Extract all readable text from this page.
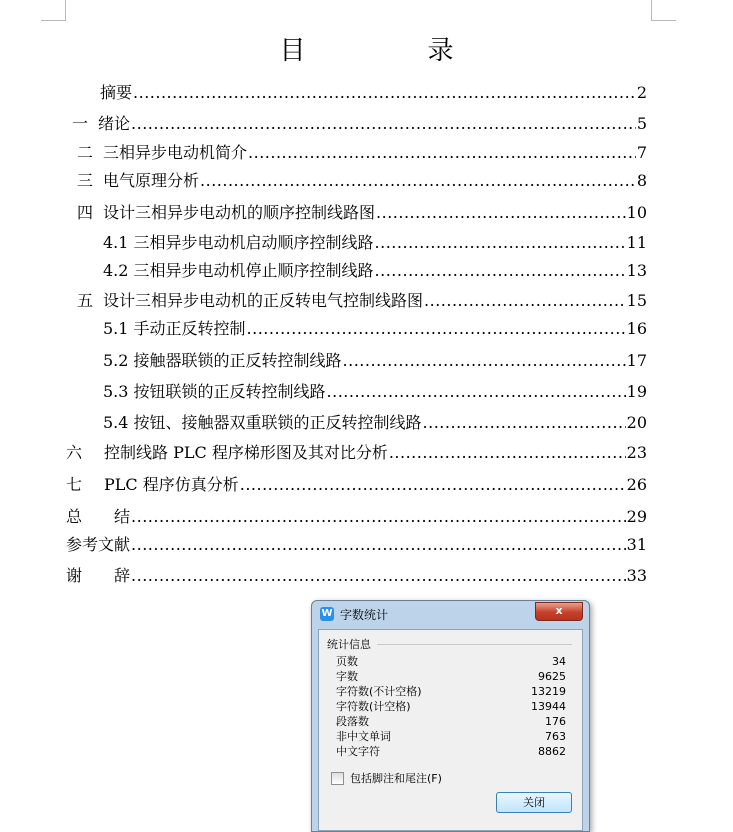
目　录
摘要 .....	2
一 绪论 .....	5
二 三相异步电动机简介 .....	7
三 电气原理分析 .....	8
四 设计三相异步电动机的顺序控制线路图 .....	10
4.1 三相异步电动机启动顺序控制线路 .....	11
4.2 三相异步电动机停止顺序控制线路 .....	13
五 设计三相异步电动机的正反转电气控制线路图 .....	15
5.1 手动正反转控制 .....	16
5.2 接触器联锁的正反转控制线路 .....	17
5.3 按钮联锁的正反转控制线路 .....	19
5.4 按钮、接触器双重联锁的正反转控制线路 .....	20
六 控制线路 PLC 程序梯形图及其对比分析 .....	23
七 PLC 程序仿真分析 .....	26
总　　结 .....	29
参考文献 .....	31
谢　　辞 .....	33
W 字数统计	x
统计信息
页数	34
字数	9625
字符数(不计空格)	13219
字符数(计空格)	13944
段落数	176
非中文单词	763
中文字符	8862
包括脚注和尾注(F)
关闭
